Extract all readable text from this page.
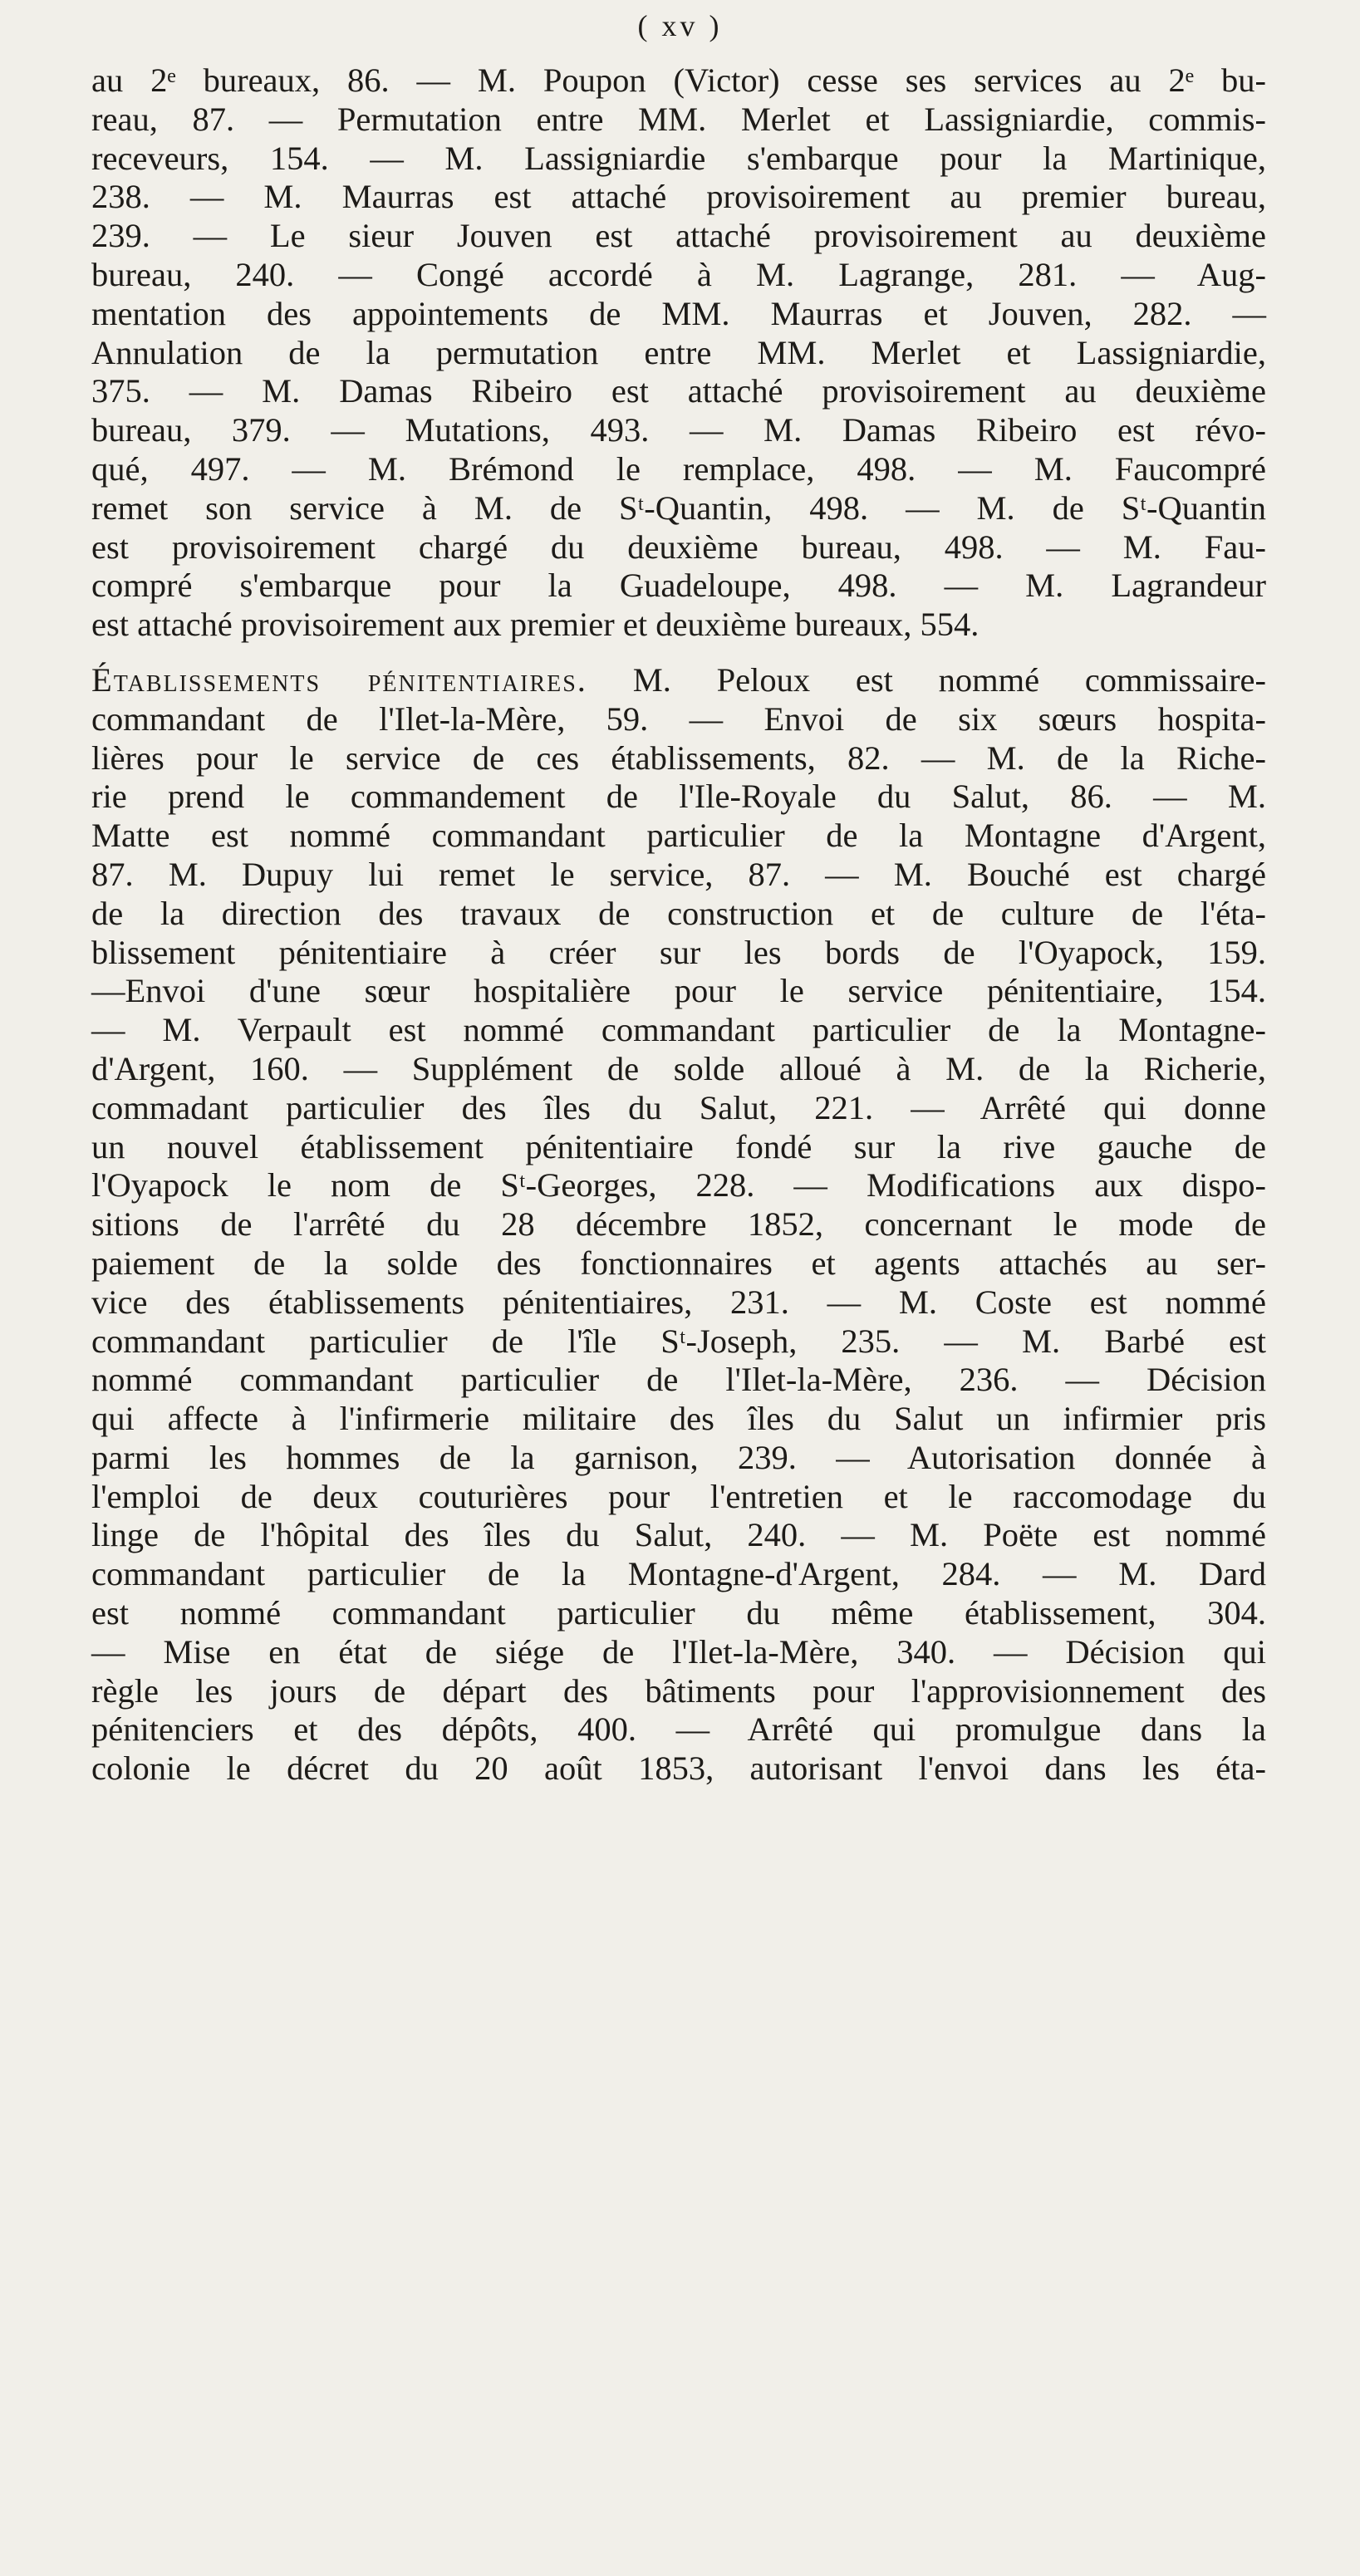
( xv )
au 2ᵉ bureaux, 86. — M. Poupon (Victor) cesse ses services au 2ᵉ bu-
reau, 87. — Permutation entre MM. Merlet et Lassigniardie, commis-
receveurs, 154. — M. Lassigniardie s'embarque pour la Martinique,
238. — M. Maurras est attaché provisoirement au premier bureau,
239. — Le sieur Jouven est attaché provisoirement au deuxième
bureau, 240. — Congé accordé à M. Lagrange, 281. — Aug-
mentation des appointements de MM. Maurras et Jouven, 282. —
Annulation de la permutation entre MM. Merlet et Lassigniardie,
375. — M. Damas Ribeiro est attaché provisoirement au deuxième
bureau, 379. — Mutations, 493. — M. Damas Ribeiro est révo-
qué, 497. — M. Brémond le remplace, 498. — M. Faucompré
remet son service à M. de Sᵗ-Quantin, 498. — M. de Sᵗ-Quantin
est provisoirement chargé du deuxième bureau, 498. — M. Fau-
compré s'embarque pour la Guadeloupe, 498. — M. Lagrandeur
est attaché provisoirement aux premier et deuxième bureaux, 554.
Établissements pénitentiaires. M. Peloux est nommé commissaire-
commandant de l'Ilet-la-Mère, 59. — Envoi de six sœurs hospita-
lières pour le service de ces établissements, 82. — M. de la Riche-
rie prend le commandement de l'Ile-Royale du Salut, 86. — M.
Matte est nommé commandant particulier de la Montagne d'Argent,
87. M. Dupuy lui remet le service, 87. — M. Bouché est chargé
de la direction des travaux de construction et de culture de l'éta-
blissement pénitentiaire à créer sur les bords de l'Oyapock, 159.
—Envoi d'une sœur hospitalière pour le service pénitentiaire, 154.
— M. Verpault est nommé commandant particulier de la Montagne-
d'Argent, 160. — Supplément de solde alloué à M. de la Richerie,
commadant particulier des îles du Salut, 221. — Arrêté qui donne
un nouvel établissement pénitentiaire fondé sur la rive gauche de
l'Oyapock le nom de Sᵗ-Georges, 228. — Modifications aux dispo-
sitions de l'arrêté du 28 décembre 1852, concernant le mode de
paiement de la solde des fonctionnaires et agents attachés au ser-
vice des établissements pénitentiaires, 231. — M. Coste est nommé
commandant particulier de l'île Sᵗ-Joseph, 235. — M. Barbé est
nommé commandant particulier de l'Ilet-la-Mère, 236. — Décision
qui affecte à l'infirmerie militaire des îles du Salut un infirmier pris
parmi les hommes de la garnison, 239. — Autorisation donnée à
l'emploi de deux couturières pour l'entretien et le raccomodage du
linge de l'hôpital des îles du Salut, 240. — M. Poëte est nommé
commandant particulier de la Montagne-d'Argent, 284. — M. Dard
est nommé commandant particulier du même établissement, 304.
— Mise en état de siége de l'Ilet-la-Mère, 340. — Décision qui
règle les jours de départ des bâtiments pour l'approvisionnement des
pénitenciers et des dépôts, 400. — Arrêté qui promulgue dans la
colonie le décret du 20 août 1853, autorisant l'envoi dans les éta-
